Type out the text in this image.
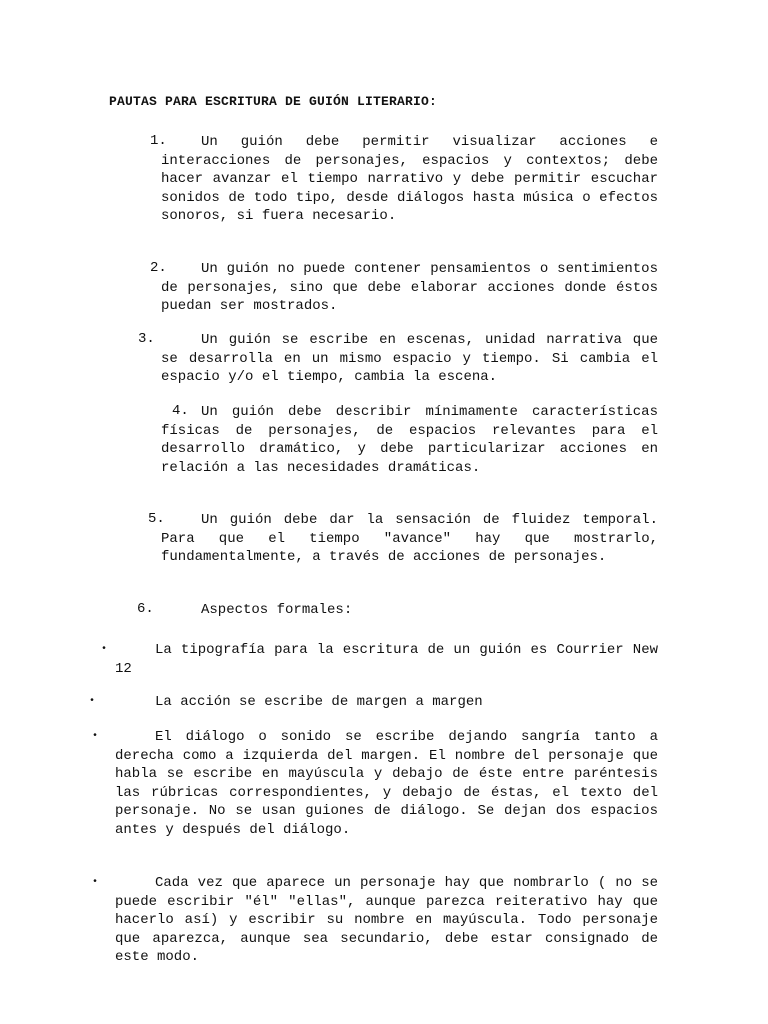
PAUTAS PARA ESCRITURA DE GUIÓN LITERARIO:
1.	Un guión debe permitir visualizar acciones e interacciones de personajes, espacios y contextos; debe hacer avanzar el tiempo narrativo y debe permitir escuchar sonidos de todo tipo, desde diálogos hasta música o efectos sonoros, si fuera necesario.
2.	Un guión no puede contener pensamientos o sentimientos de personajes, sino que debe elaborar acciones donde éstos puedan ser mostrados.
3.	Un guión se escribe en escenas, unidad narrativa que se desarrolla en un mismo espacio y tiempo. Si cambia el espacio y/o el tiempo, cambia la escena.
4. Un guión debe describir mínimamente características físicas de personajes, de espacios relevantes para el desarrollo dramático, y debe particularizar acciones en relación a las necesidades dramáticas.
5.	Un guión debe dar la sensación de fluidez temporal. Para que el tiempo "avance" hay que mostrarlo, fundamentalmente, a través de acciones de personajes.
6.	Aspectos formales:
•	La tipografía para la escritura de un guión es Courrier New 12
•	La acción se escribe de margen a margen
•	El diálogo o sonido se escribe dejando sangría tanto a derecha como a izquierda del margen. El nombre del personaje que habla se escribe en mayúscula y debajo de éste entre paréntesis las rúbricas correspondientes, y debajo de éstas, el texto del personaje. No se usan guiones de diálogo. Se dejan dos espacios antes y después del diálogo.
•	Cada vez que aparece un personaje hay que nombrarlo ( no se puede escribir "él" "ellas", aunque parezca reiterativo hay que hacerlo así) y escribir su nombre en mayúscula. Todo personaje que aparezca, aunque sea secundario, debe estar consignado de este modo.
